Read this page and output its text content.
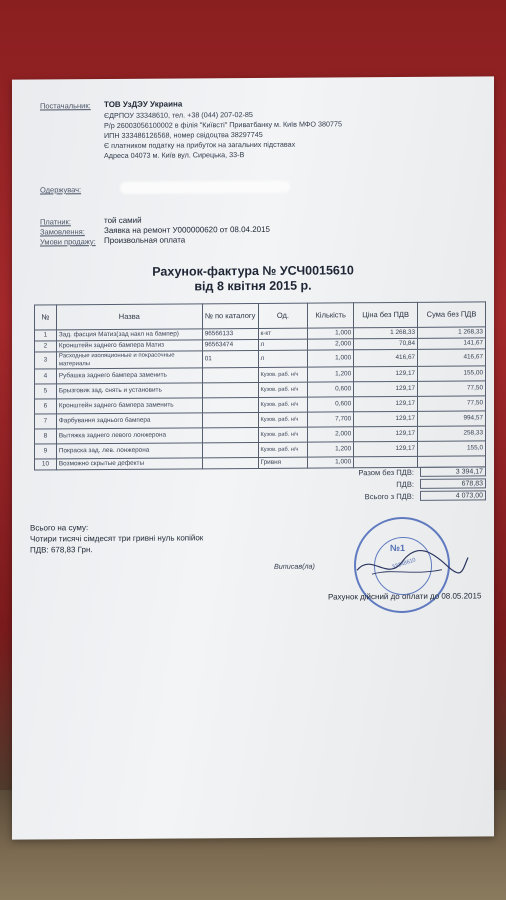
Постачальник: ТОВ УзДЭУ Украина
ЄДРПОУ 33348610, тел. +38 (044) 207-02-85
Р/р 26003056100002 в філія "Київсті" Приватбанку м. Київ МФО 380775
ИПН 333486126568, номер свідоцтва 38297745
Є платником податку на прибуток на загальних підставах
Адреса 04073 м. Київ вул. Сирецька, 33-В
Одержувач:
Платник:	той самий
Замовлення: Заявка на ремонт У000000620 от 08.04.2015
Умови продажу: Произвольная оплата
Рахунок-фактура № УСЧ0015610
від 8 квітня 2015 р.
№	Назва	№ по каталогу	Од.	Кількість	Ціна без ПДВ	Сума без ПДВ
1	Зад. фасция Матиз(зад накл на бампер)	96566133	к-кт	1,000	1 268,33	1 268,33
2	Кронштейн заднего бампера Матиз	96563474	л	2,000	70,84	141,67
3	Расходные изоляционные и покрасочные материалы	01	л	1,000	416,67	416,67
4	Рубашка заднего бампера заменить		Кузов. раб. н/ч	1,200	129,17	155,00
5	Брызговик зад. снять и установить		Кузов. раб. н/ч	0,600	129,17	77,50
6	Кронштейн заднего бампера заменить		Кузов. раб. н/ч	0,600	129,17	77,50
7	Фарбування заднього бампера		Кузов. раб. н/ч	7,700	129,17	994,57
8	Вытяжка заднего левого лонжерона		Кузов. раб. н/ч	2,000	129,17	258,33
9	Покраска зад. лев. лонжерона		Кузов. раб. н/ч	1,200	129,17	155,0
10	Возможно скрытые дефекты		Гривня	1,000		
Разом без ПДВ:	3 394,17
ПДВ:	678,83
Всього з ПДВ:	4 073,00
Всього на суму:
Чотири тисячі сімдесят три гривні нуль копійок
ПДВ: 678,83 Грн.
Виписав(ла)
№1
33348610
Рахунок дійсний до оплати до 08.05.2015
